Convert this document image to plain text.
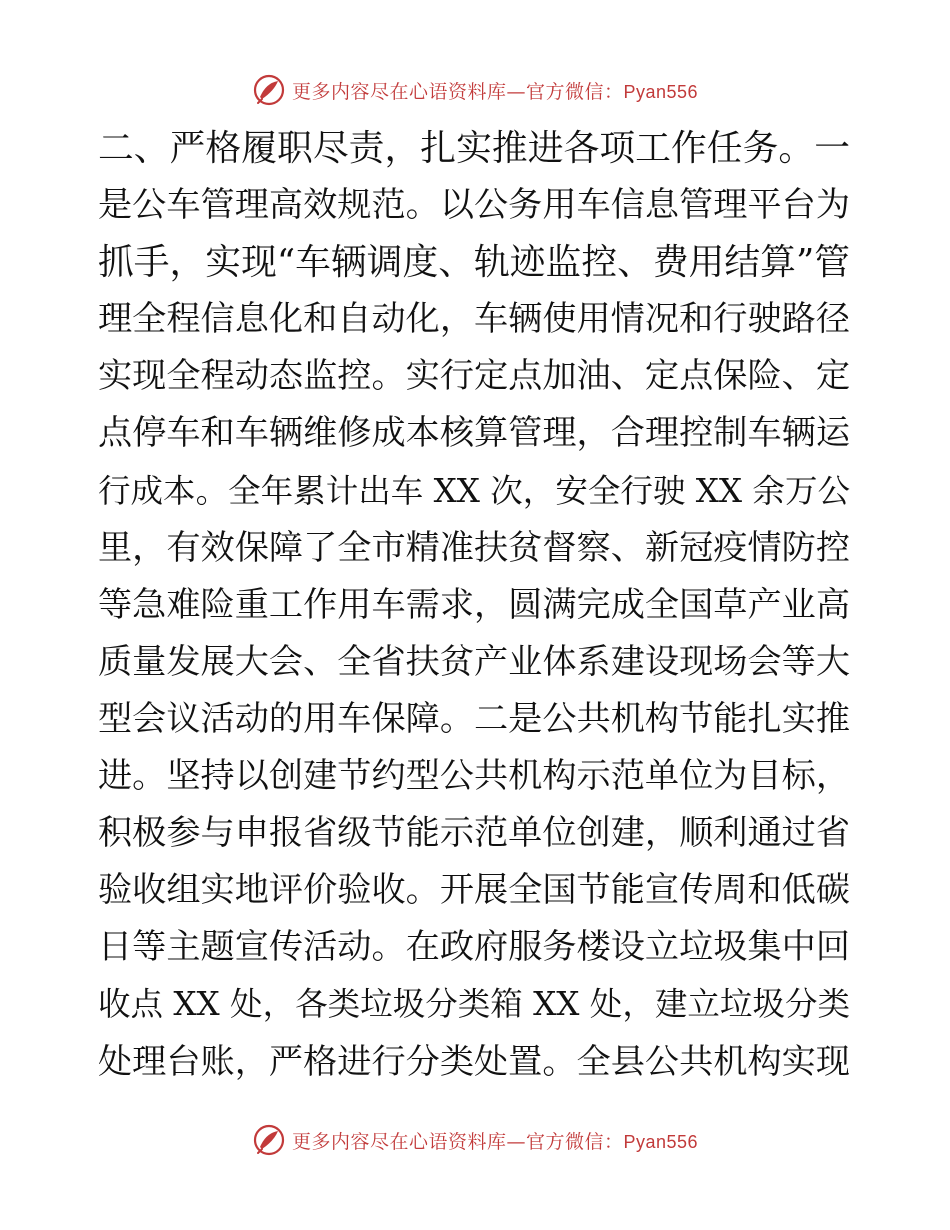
更多内容尽在心语资料库—官方微信：Pyan556
二、严格履职尽责，扎实推进各项工作任务。一
是公车管理高效规范。以公务用车信息管理平台为
抓手，实现“车辆调度、轨迹监控、费用结算”管
理全程信息化和自动化，车辆使用情况和行驶路径
实现全程动态监控。实行定点加油、定点保险、定
点停车和车辆维修成本核算管理，合理控制车辆运
行成本。全年累计出车 XX 次，安全行驶 XX 余万公
里，有效保障了全市精准扶贫督察、新冠疫情防控
等急难险重工作用车需求，圆满完成全国草产业高
质量发展大会、全省扶贫产业体系建设现场会等大
型会议活动的用车保障。二是公共机构节能扎实推
进。坚持以创建节约型公共机构示范单位为目标，
积极参与申报省级节能示范单位创建，顺利通过省
验收组实地评价验收。开展全国节能宣传周和低碳
日等主题宣传活动。在政府服务楼设立垃圾集中回
收点 XX 处，各类垃圾分类箱 XX 处，建立垃圾分类
处理台账，严格进行分类处置。全县公共机构实现
更多内容尽在心语资料库—官方微信：Pyan556
